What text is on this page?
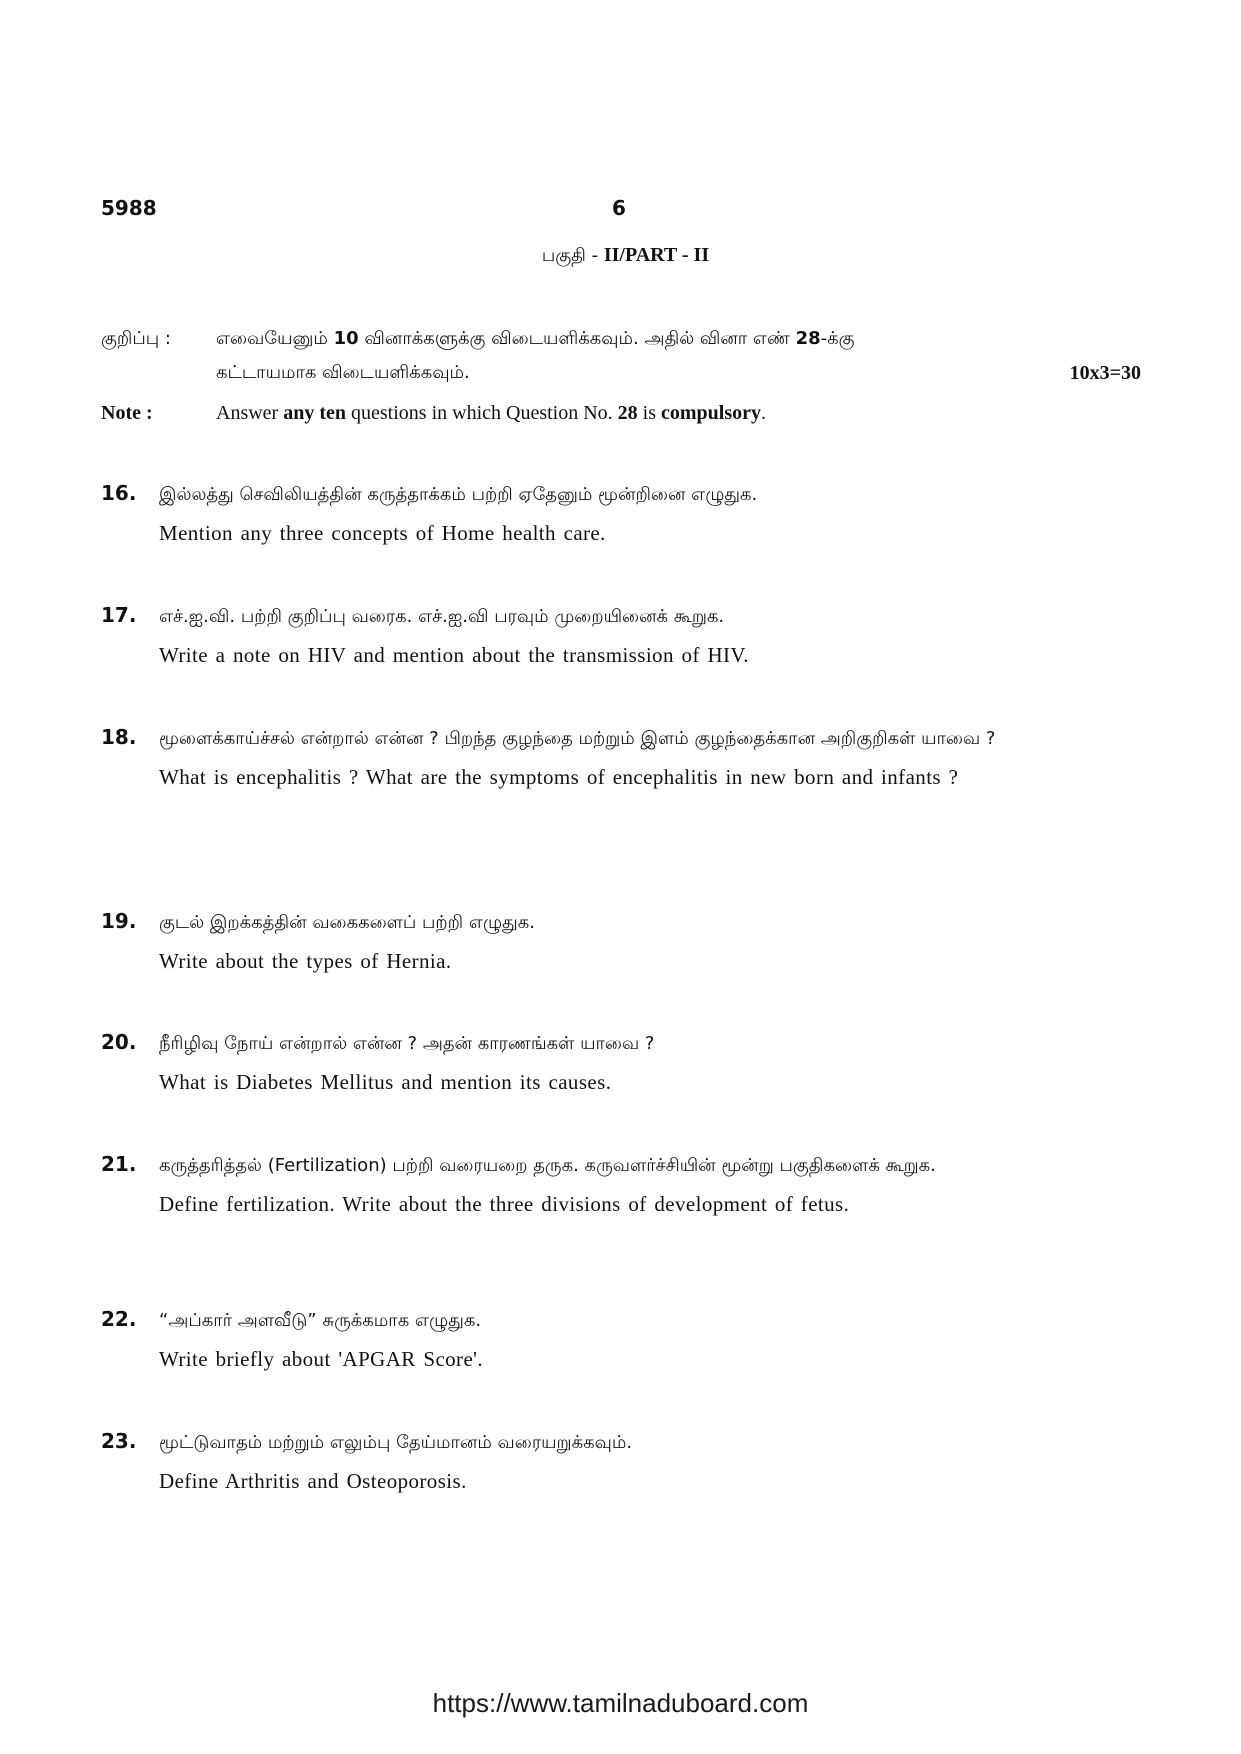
5988	6
பகுதி - II/PART - II
குறிப்பு :	எவையேனும் 10 வினாக்களுக்கு விடையளிக்கவும். அதில் வினா எண் 28-க்கு
கட்டாயமாக விடையளிக்கவும்.	10x3=30
Note :	Answer any ten questions in which Question No. 28 is compulsory.
16.	இல்லத்து செவிலியத்தின் கருத்தாக்கம் பற்றி ஏதேனும் மூன்றினை எழுதுக.

Mention any three concepts of Home health care.

17.	எச்.ஐ.வி. பற்றி குறிப்பு வரைக. எச்.ஐ.வி பரவும் முறையினைக் கூறுக.

Write a note on HIV and mention about the transmission of HIV.

18.	மூளைக்காய்ச்சல் என்றால் என்ன ? பிறந்த குழந்தை மற்றும் இளம் குழந்தைக்கான அறிகுறிகள் யாவை ?

What is encephalitis ? What are the symptoms of encephalitis in new born and infants ?

19.	குடல் இறக்கத்தின் வகைகளைப் பற்றி எழுதுக.

Write about the types of Hernia.

20.	நீரிழிவு நோய் என்றால் என்ன ? அதன் காரணங்கள் யாவை ?

What is Diabetes Mellitus and mention its causes.

21.	கருத்தரித்தல் (Fertilization) பற்றி வரையறை தருக. கருவளர்ச்சியின் மூன்று பகுதிகளைக் கூறுக.

Define fertilization. Write about the three divisions of development of fetus.

22.	“அப்கார் அளவீடு” சுருக்கமாக எழுதுக.

Write briefly about 'APGAR Score'.

23.	மூட்டுவாதம் மற்றும் எலும்பு தேய்மானம் வரையறுக்கவும்.

Define Arthritis and Osteoporosis.

https://www.tamilnaduboard.com
